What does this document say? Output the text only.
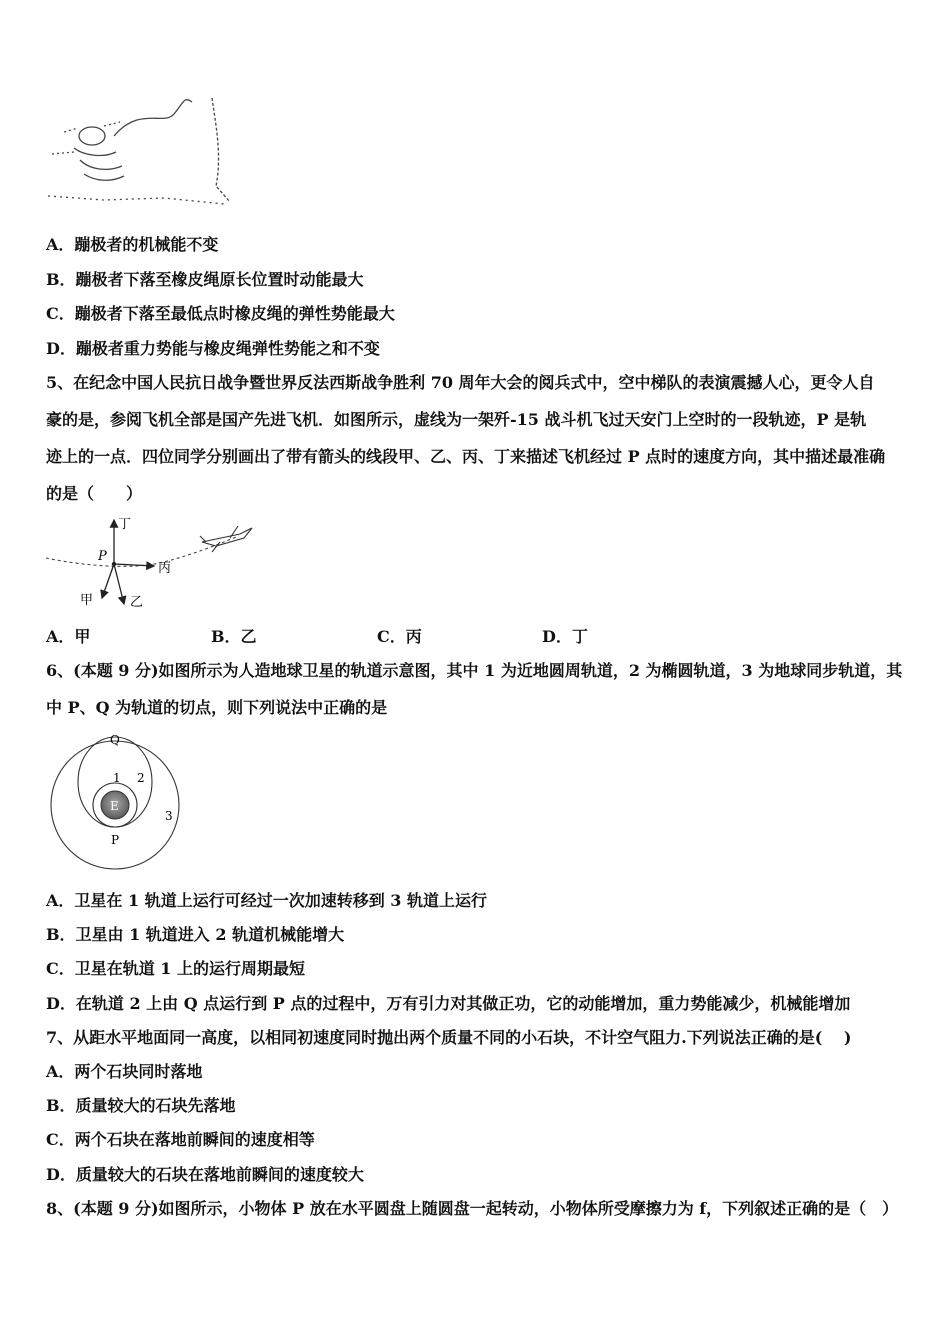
A．蹦极者的机械能不变
B．蹦极者下落至橡皮绳原长位置时动能最大
C．蹦极者下落至最低点时橡皮绳的弹性势能最大
D．蹦极者重力势能与橡皮绳弹性势能之和不变
5、在纪念中国人民抗日战争暨世界反法西斯战争胜利 70 周年大会的阅兵式中，空中梯队的表演震撼人心，更令人自
豪的是，参阅飞机全部是国产先进飞机．如图所示，虚线为一架歼-15 战斗机飞过天安门上空时的一段轨迹，P 是轨
迹上的一点．四位同学分别画出了带有箭头的线段甲、乙、丙、丁来描述飞机经过 P 点时的速度方向，其中描述最准确
的是（　　）
P
丁
丙
甲	乙
A．甲	B．乙	C．丙	D．丁
6、(本题 9 分)如图所示为人造地球卫星的轨道示意图，其中 1 为近地圆周轨道，2 为椭圆轨道，3 为地球同步轨道，其
中 P、Q 为轨道的切点，则下列说法中正确的是
E
Q
P
1 2
3
A．卫星在 1 轨道上运行可经过一次加速转移到 3 轨道上运行
B．卫星由 1 轨道进入 2 轨道机械能增大
C．卫星在轨道 1 上的运行周期最短
D．在轨道 2 上由 Q 点运行到 P 点的过程中，万有引力对其做正功，它的动能增加，重力势能减少，机械能增加
7、从距水平地面同一高度，以相同初速度同时抛出两个质量不同的小石块，不计空气阻力.下列说法正确的是(　 )
A．两个石块同时落地
B．质量较大的石块先落地
C．两个石块在落地前瞬间的速度相等
D．质量较大的石块在落地前瞬间的速度较大
8、(本题 9 分)如图所示，小物体 P 放在水平圆盘上随圆盘一起转动，小物体所受摩擦力为 f，下列叙述正确的是（　）
